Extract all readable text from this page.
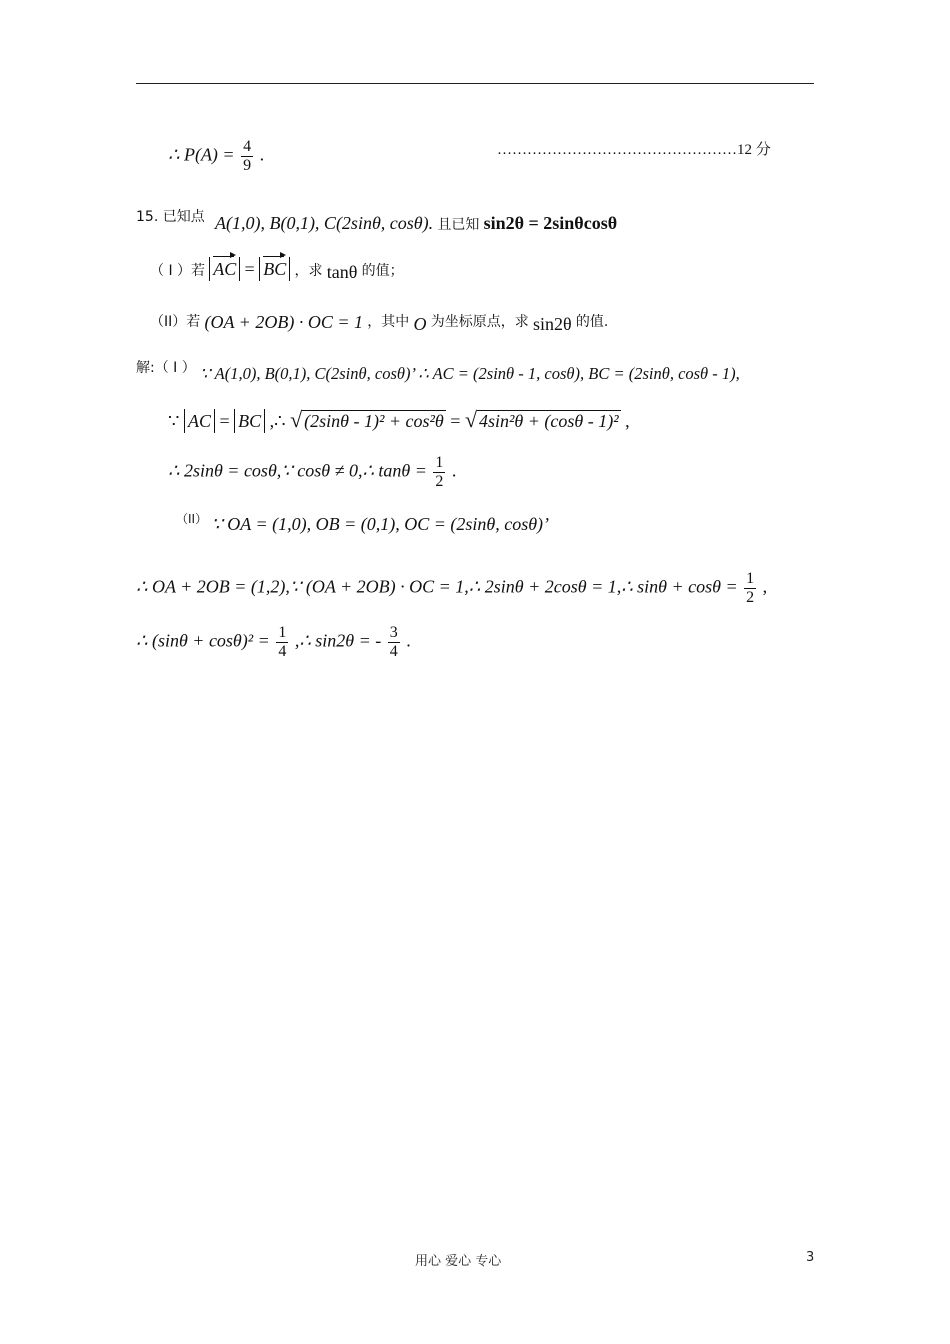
∴ $P(A) = \frac{4}{9}$ .	…………………………………………12 分
15. 已知点 A(1,0), B(0,1), C(2sinθ, cosθ). $_{且已知}$ sin2θ = 2sinθcosθ
（ I ）若 AC = BC ，求 tanθ 的值；
（II）若 (OA + 2OB) · OC = 1 ，其中 O 为坐标原点，求 sin2θ 的值.
解:（ I ） ∵ A(1,0), B(0,1), C(2sinθ, cosθ)’ ∴ AC = (2sinθ - 1, cosθ), BC = (2sinθ, cosθ - 1),
∵ AC = BC ,∴ √ (2sinθ - 1)² + cos²θ = √ 4sin²θ + (cosθ - 1)² ,
∴ 2sinθ = cosθ,∵ cosθ ≠ 0,∴ $\tan\theta = \frac{1}{2}$ .
（II） ∵ OA = (1,0), OB = (0,1), OC = (2sinθ, cosθ)’
∴ OA + 2OB = (1,2),∵ (OA + 2OB) · OC = 1,∴ 2sinθ + 2cosθ = 1,∴ $\sin\theta + \cos\theta = \frac{1}{2}$ ,
∴ $(\sin\theta + \cos\theta)^2 = \frac{1}{4}$ ,∴ sin2θ = - $\frac{3}{4}$ .
用心 爱心 专心	3
